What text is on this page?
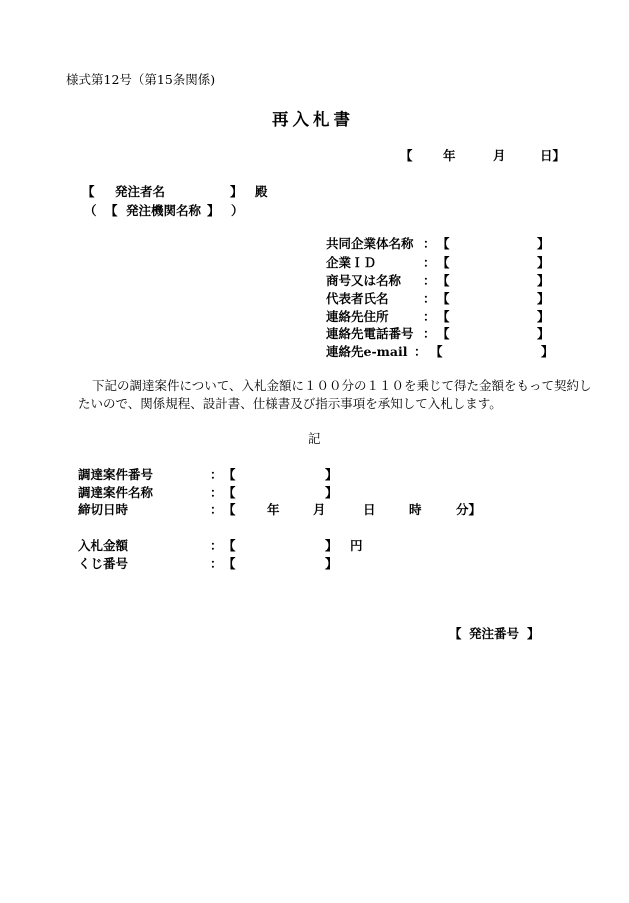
様式第12号（第15条関係)
再入札書
【 年	月	日】
【 発注者名	】 殿
（ 【 発注機関名称 】 ）
共同企業体名称 ： 【	】
企業ＩＤ	： 【	】
商号又は名称 ： 【	】
代表者氏名	： 【	】
連絡先住所	： 【	】
連絡先電話番号 ： 【	】
連絡先e-mail ： 【	】
下記の調達案件について、入札金額に１００分の１１０を乗じて得た金額をもって契約し
たいので、関係規程、設計書、仕様書及び指示事項を承知して入札します。
記
調達案件番号	： 【	】
調達案件名称	： 【	】
締切日時	： 【	年	月	日	時	分】
入札金額	： 【	】 円
くじ番号	： 【	】
【 発注番号 】
